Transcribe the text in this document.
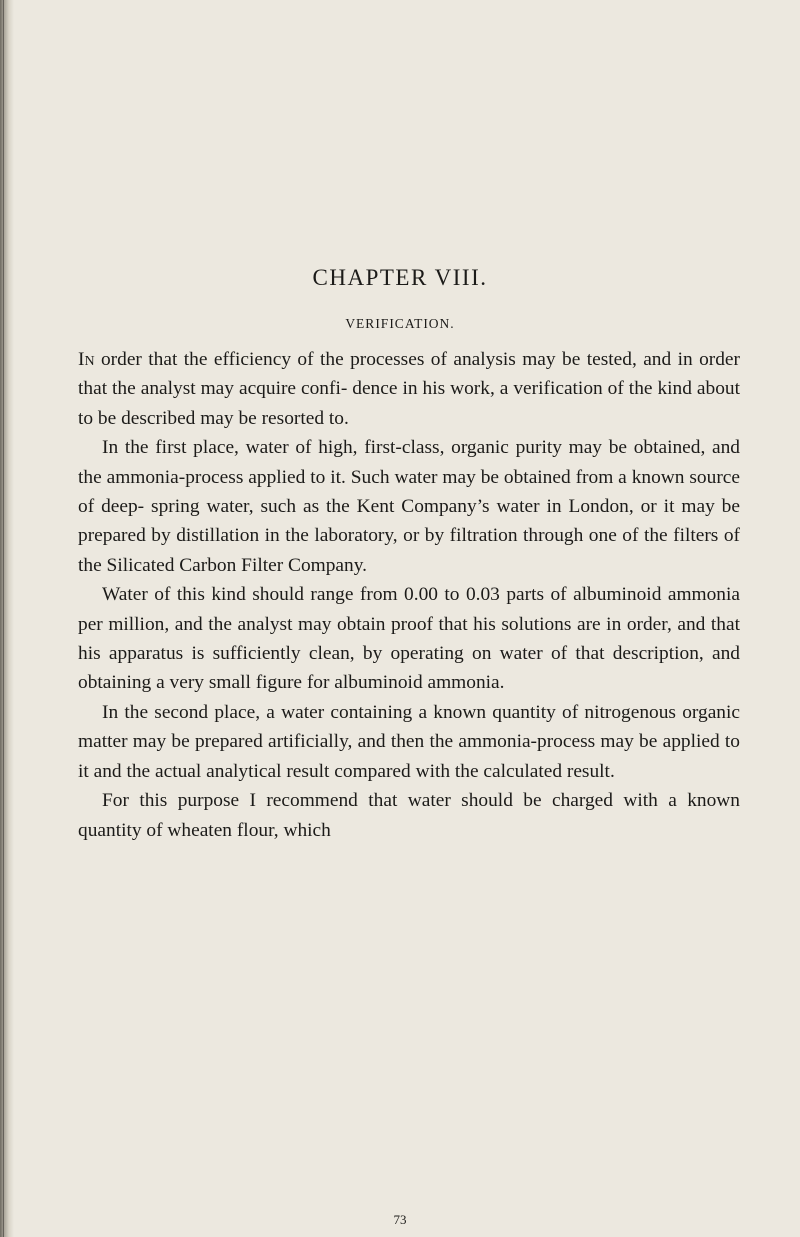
CHAPTER VIII.
VERIFICATION.

In order that the efficiency of the processes of analysis may be tested, and in order that the analyst may acquire confi- dence in his work, a verification of the kind about to be described may be resorted to.

In the first place, water of high, first-class, organic purity may be obtained, and the ammonia-process applied to it. Such water may be obtained from a known source of deep- spring water, such as the Kent Company’s water in London, or it may be prepared by distillation in the laboratory, or by filtration through one of the filters of the Silicated Carbon Filter Company.

Water of this kind should range from 0.00 to 0.03 parts of albuminoid ammonia per million, and the analyst may obtain proof that his solutions are in order, and that his apparatus is sufficiently clean, by operating on water of that description, and obtaining a very small figure for albuminoid ammonia.

In the second place, a water containing a known quantity of nitrogenous organic matter may be prepared artificially, and then the ammonia-process may be applied to it and the actual analytical result compared with the calculated result.

For this purpose I recommend that water should be charged with a known quantity of wheaten flour, which

73
